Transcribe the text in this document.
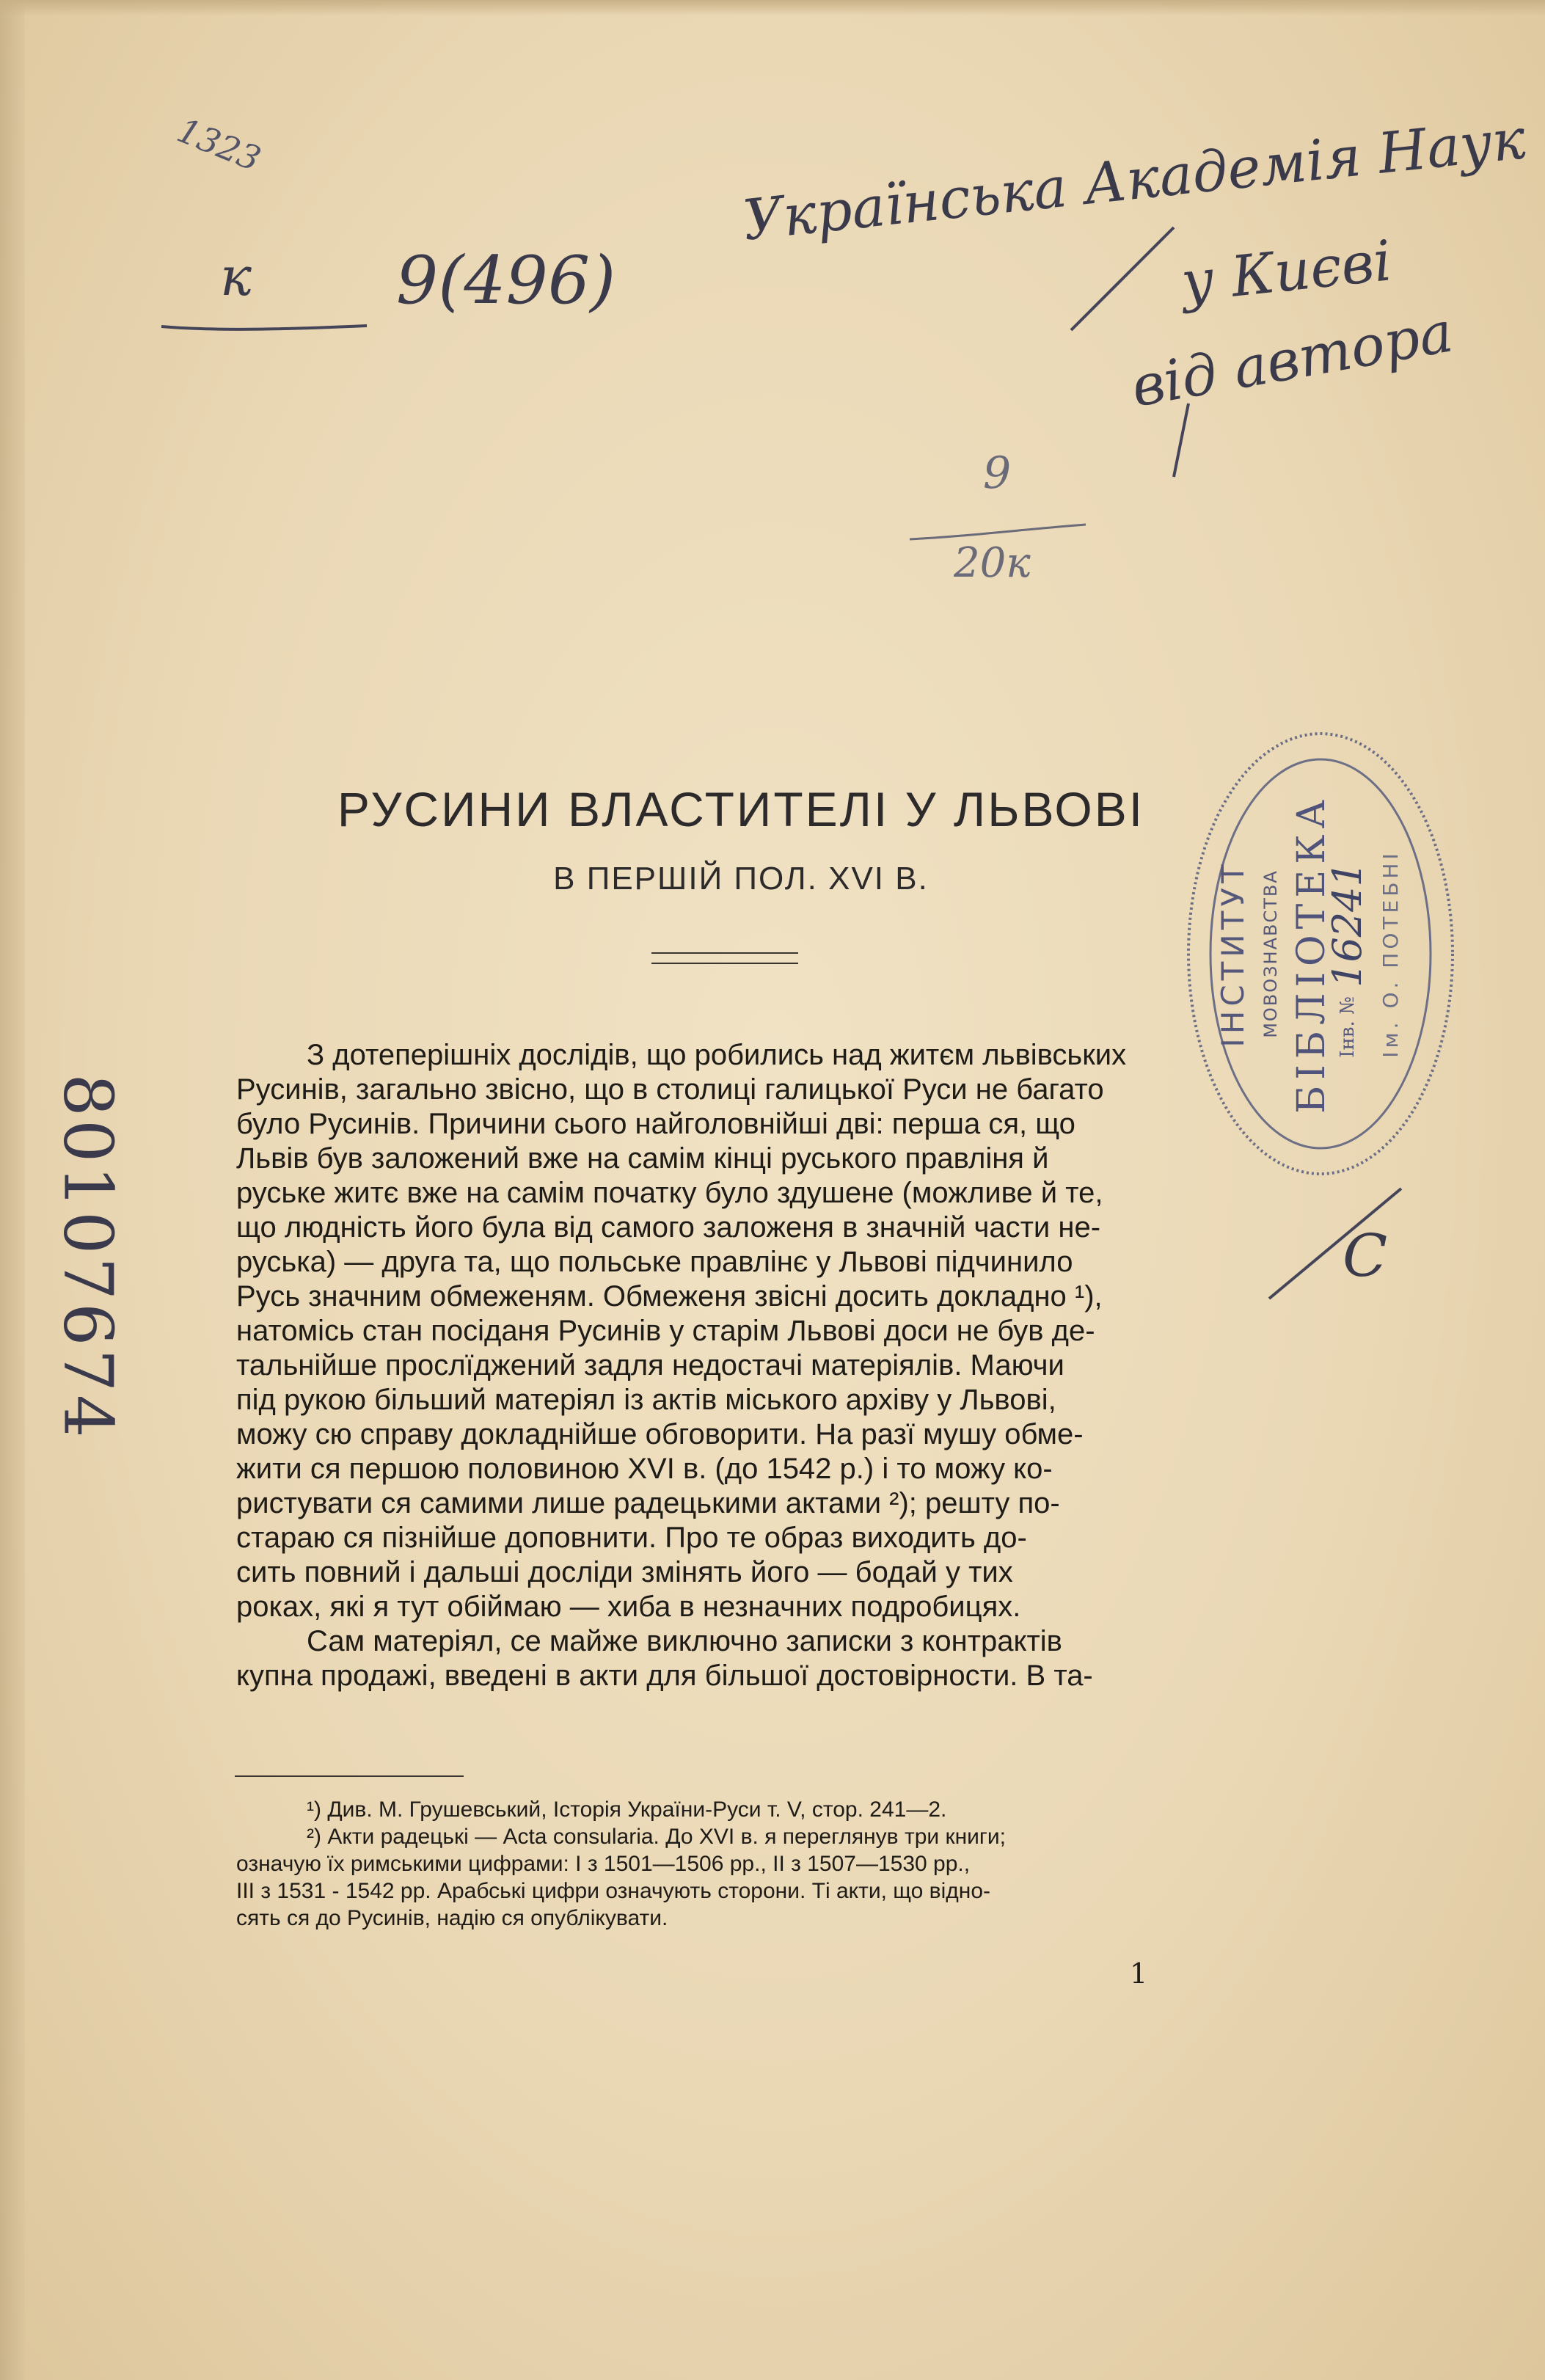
1323
к 9(496)
Українська Академія Наук
у Києві
від автора
9
20к
80107674	С
ІНСТИТУТ МОВОЗНАВСТВА БІБЛІОТЕКА Інв. №
16241 Ім. О. ПОТЕБНІ
РУСИНИ ВЛАСТИТЕЛІ У ЛЬВОВІ
В ПЕРШІЙ ПОЛ. XVI В.
З дотеперішніх дослідів, що робились над житєм львівських
Русинів, загально звісно, що в столиці галицької Руси не багато
було Русинів. Причини сього найголовнійші дві: перша ся, що
Львів був заложений вже на самім кінці руського правліня й
руське житє вже на самім початку було здушене (можливе й те,
що людність його була від самого заложеня в значній части не-
руська) — друга та, що польське правлінє у Львові підчинило
Русь значним обмеженям. Обмеженя звісні досить докладно ¹),
натомісь стан посіданя Русинів у старім Львові доси не був де-
тальнійше прослїджений задля недостачі матеріялів. Маючи
під рукою більший матеріял із актів міського архіву у Львові,
можу сю справу докладнійше обговорити. На разї мушу обме-
жити ся першою половиною XVI в. (до 1542 р.) і то можу ко-
ристувати ся самими лише радецькими актами ²); решту по-
стараю ся пізнійше доповнити. Про те образ виходить до-
сить повний і дальші досліди змінять його — бодай у тих
роках, які я тут обіймаю — хиба в незначних подробицях.
Сам матеріял, се майже виключно записки з контрактів
купна продажі, введені в акти для більшої достовірности. В та-
¹) Див. М. Грушевський, Історія України-Руси т. V, стор. 241—2.
²) Акти радецькі — Acta consularia. До XVI в. я переглянув три книги;
означую їх римськими цифрами: I з 1501—1506 рр., II з 1507—1530 рр.,
III з 1531 - 1542 рр. Арабські цифри означують сторони. Ті акти, що відно-
сять ся до Русинів, надію ся опублікувати.
1
